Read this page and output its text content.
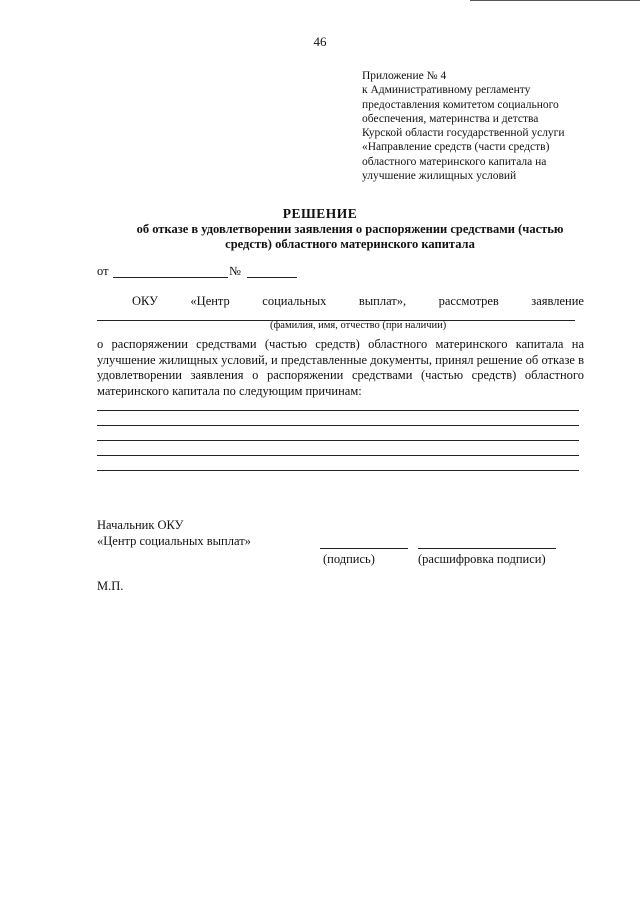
46
Приложение № 4
к Административному регламенту
предоставления комитетом социального
обеспечения, материнства и детства
Курской области государственной услуги
«Направление средств (части средств)
областного материнского капитала на
улучшение жилищных условий
РЕШЕНИЕ
об отказе в удовлетворении заявления о распоряжении средствами (частью
средств) областного материнского капитала
от	№
ОКУ	«Центр	социальных	выплат»,	рассмотрев	заявление
(фамилия, имя, отчество (при наличии)
о распоряжении средствами (частью средств) областного материнского капитала на улучшение жилищных условий, и представленные документы, принял решение об отказе в удовлетворении заявления о распоряжении средствами (частью средств) областного материнского капитала по следующим причинам:
Начальник ОКУ
«Центр социальных выплат»
(подпись)	(расшифровка подписи)
М.П.
